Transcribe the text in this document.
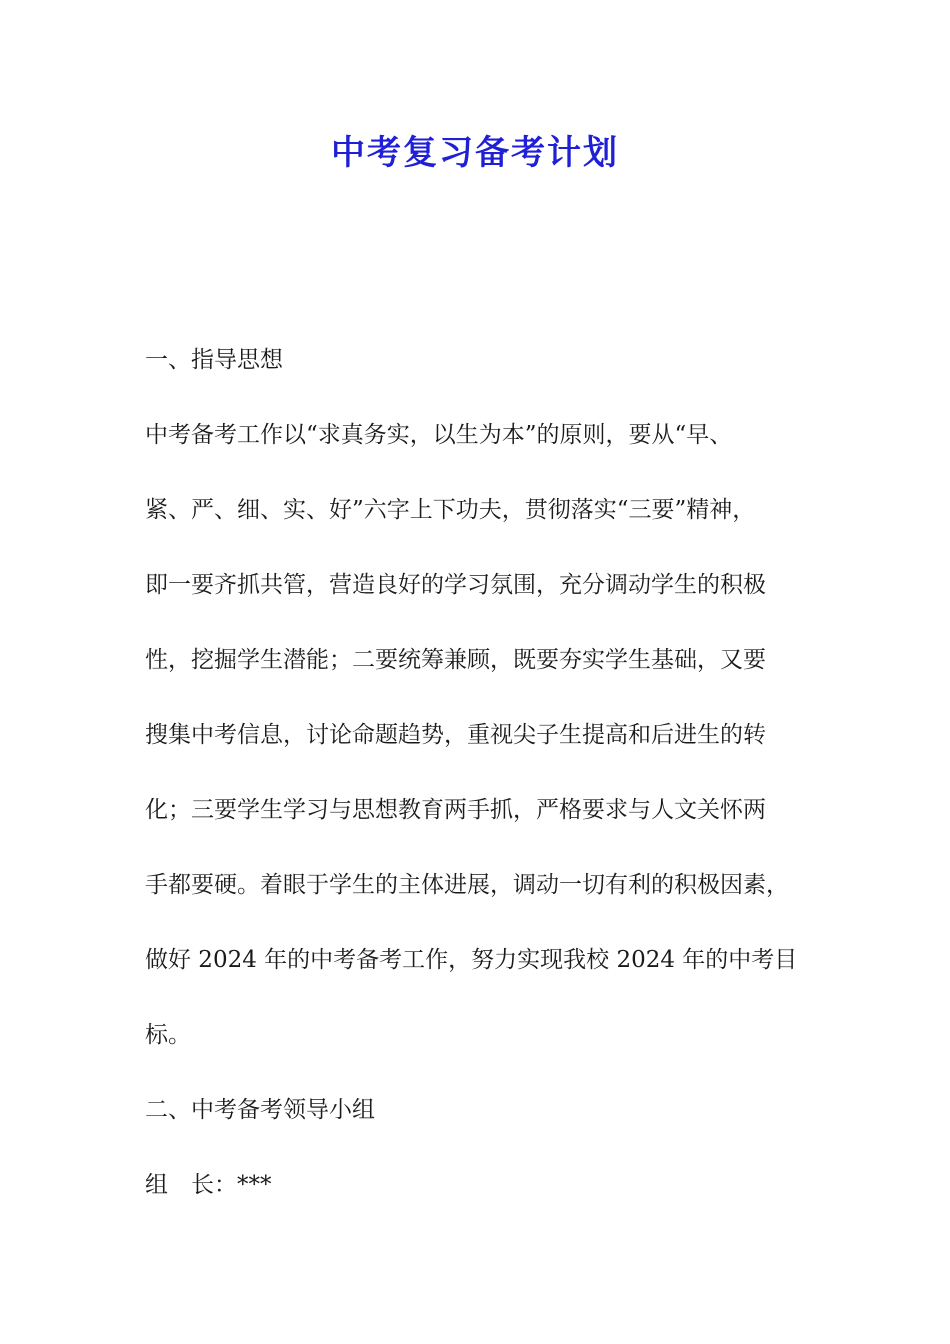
中考复习备考计划

一、指导思想

中考备考工作以“求真务实，以生为本”的原则，要从“早、

紧、严、细、实、好”六字上下功夫，贯彻落实“三要”精神，

即一要齐抓共管，营造良好的学习氛围，充分调动学生的积极

性，挖掘学生潜能；二要统筹兼顾，既要夯实学生基础，又要

搜集中考信息，讨论命题趋势，重视尖子生提高和后进生的转

化；三要学生学习与思想教育两手抓，严格要求与人文关怀两

手都要硬。着眼于学生的主体进展，调动一切有利的积极因素，

做好 2024 年的中考备考工作，努力实现我校 2024 年的中考目

标。

二、中考备考领导小组

组　长：***
